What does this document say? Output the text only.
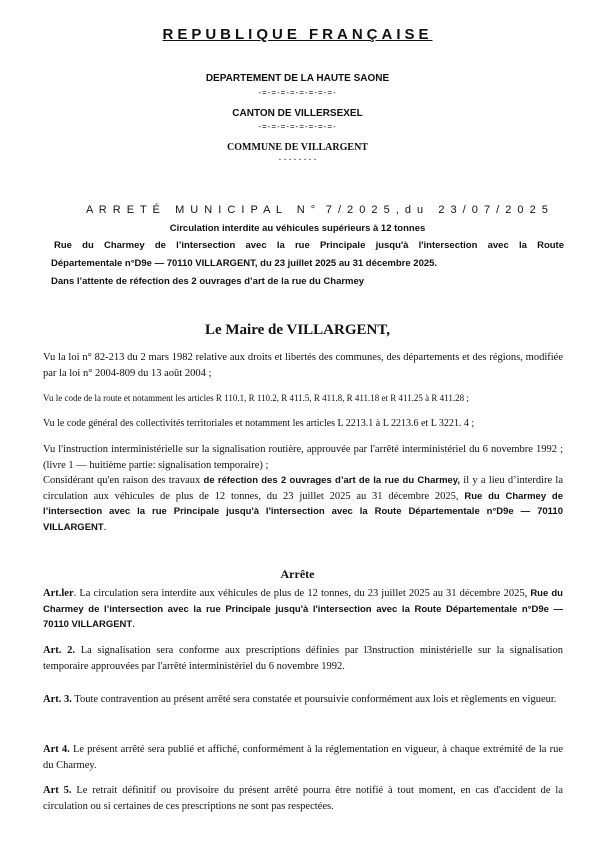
REPUBLIQUE FRANÇAISE
DEPARTEMENT DE LA HAUTE SAONE
-=-=-=-=-=-=-=-=-
CANTON DE VILLERSEXEL
-=-=-=-=-=-=-=-=-
COMMUNE DE VILLARGENT
. . . . . . . .
A R R E T É   M U N I C I P A L   N °  7 / 2 0 2 5 , d u   2 3 / 0 7 / 2 0 2 5
Circulation interdite au véhicules supérieurs à 12 tonnes
Rue du Charmey de l’intersection avec la rue Principale jusqu'à l'intersection avec la Route
Départementale n°D9e — 70110 VILLARGENT, du 23 juillet 2025 au 31 décembre 2025.
Dans l’attente de réfection des 2 ouvrages d’art de la rue du Charmey
Le Maire de VILLARGENT,
Vu la loi n° 82-213 du 2 mars 1982 relative aux droits et libertés des communes, des départements et des régions, modifiée par la loi n° 2004-809 du 13 août 2004 ;
Vu le code de la route et notamment les articles R 110.1, R 110.2, R 411.5, R 411.8, R 411.18 et R 411.25 à R 411.28 ;
Vu le code général des collectivités territoriales et notamment les articles L 2213.1 à L 2213.6 et L 3221. 4 ;
Vu l'instruction interministérielle sur la signalisation routière, approuvée par l'arrêté interministériel du 6 novembre 1992 ; (livre 1 — huitième partie: signalisation temporaire) ;
Considérant qu'en raison des travaux de réfection des 2 ouvrages d’art de la rue du Charmey, il y a lieu d’interdire la circulation aux véhicules de plus de 12 tonnes, du 23 juillet 2025 au 31 décembre 2025, Rue du Charmey de l’intersection avec la rue Principale jusqu'à l'intersection avec la Route Départementale n°D9e — 70110 VILLARGENT.
Arrête
Art.ler. La circulation sera interdite aux véhicules de plus de 12 tonnes, du 23 juillet 2025 au 31 décembre 2025, Rue du Charmey de l’intersection avec la rue Principale jusqu'à l'intersection avec la Route Départementale n°D9e — 70110 VILLARGENT.
Art. 2. La signalisation sera conforme aux prescriptions définies par l3nstruction ministérielle sur la signalisation temporaire approuvées par l'arrêté interministériel du 6 novembre 1992.
Art. 3. Toute contravention au présent arrêté sera constatée et poursuivie conformément aux lois et règlements en vigueur.
Art 4. Le présent arrêté sera publié et affiché, conformément à la réglementation en vigueur, à chaque extrémité de la rue du Charmey.
Art 5. Le retrait définitif ou provisoire du présent arrêté pourra être notifié à tout moment, en cas d'accident de la circulation ou si certaines de ces prescriptions ne sont pas respectées.
